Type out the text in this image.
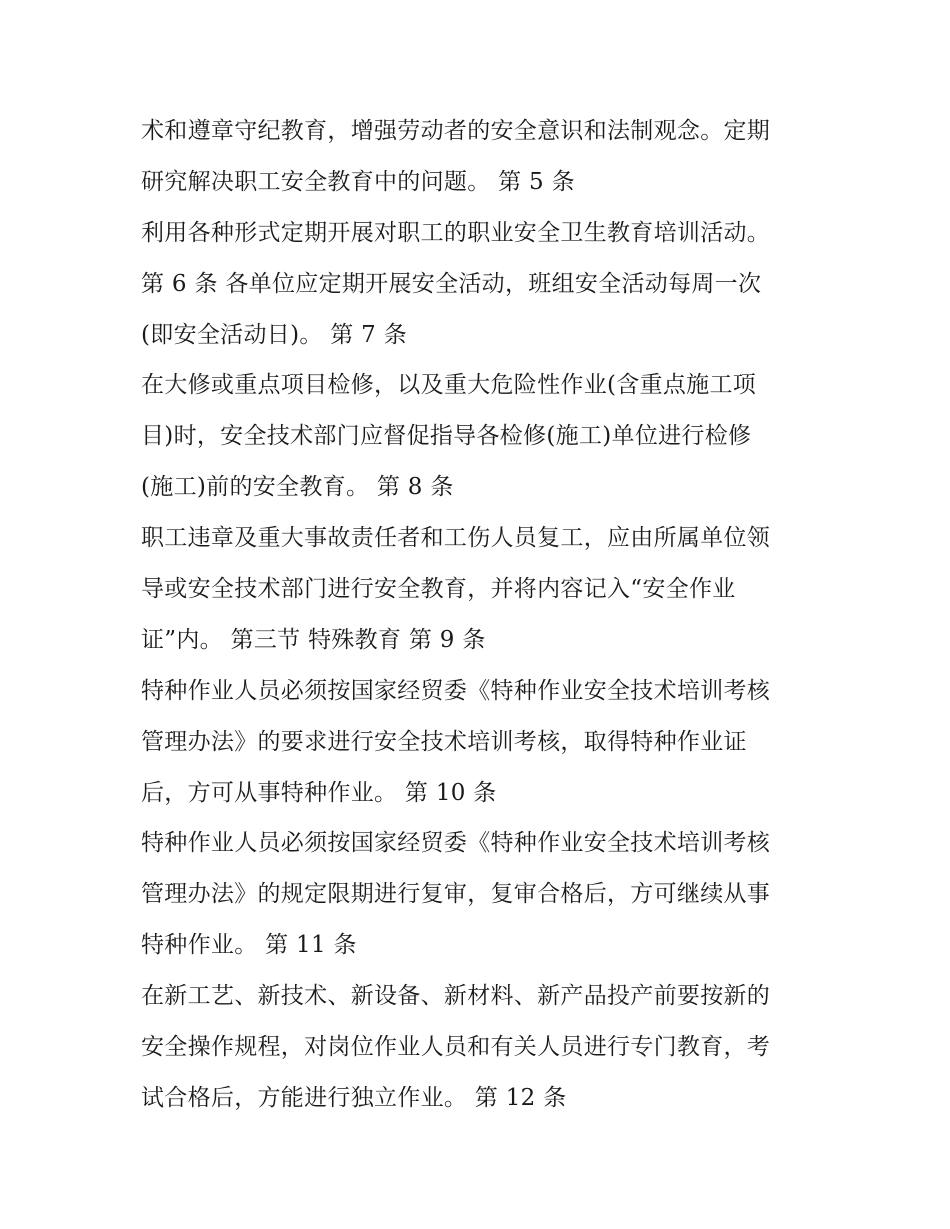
术和遵章守纪教育，增强劳动者的安全意识和法制观念。定期
研究解决职工安全教育中的问题。 第 5 条
利用各种形式定期开展对职工的职业安全卫生教育培训活动。
第 6 条 各单位应定期开展安全活动，班组安全活动每周一次
(即安全活动日)。 第 7 条
在大修或重点项目检修，以及重大危险性作业(含重点施工项
目)时，安全技术部门应督促指导各检修(施工)单位进行检修
(施工)前的安全教育。 第 8 条
职工违章及重大事故责任者和工伤人员复工，应由所属单位领
导或安全技术部门进行安全教育，并将内容记入“安全作业
证”内。 第三节 特殊教育 第 9 条
特种作业人员必须按国家经贸委《特种作业安全技术培训考核
管理办法》的要求进行安全技术培训考核，取得特种作业证
后，方可从事特种作业。 第 10 条
特种作业人员必须按国家经贸委《特种作业安全技术培训考核
管理办法》的规定限期进行复审，复审合格后，方可继续从事
特种作业。 第 11 条
在新工艺、新技术、新设备、新材料、新产品投产前要按新的
安全操作规程，对岗位作业人员和有关人员进行专门教育，考
试合格后，方能进行独立作业。 第 12 条
